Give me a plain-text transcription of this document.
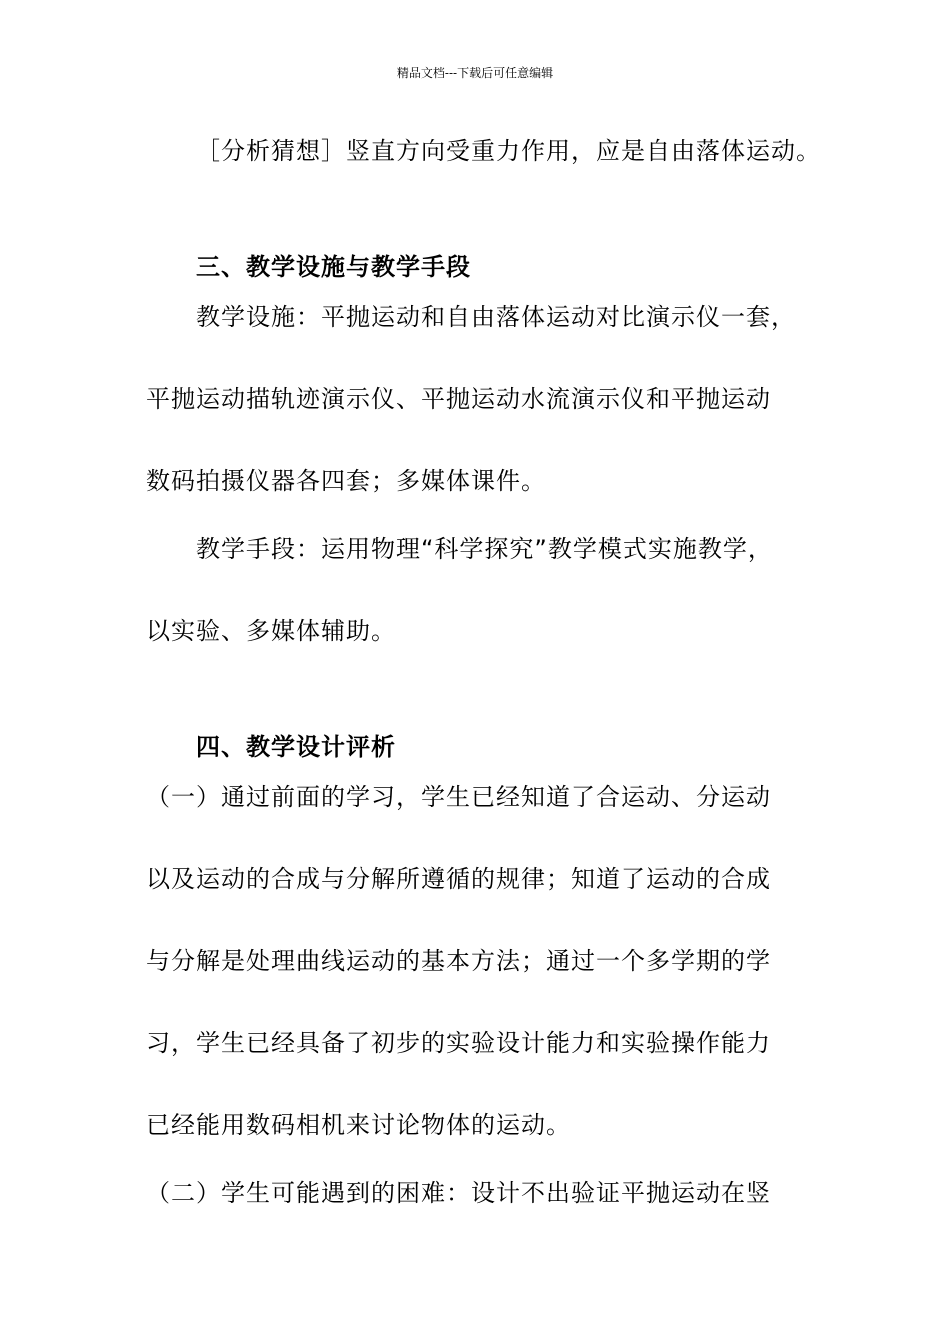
精品文档---下载后可任意编辑
［分析猜想］竖直方向受重力作用，应是自由落体运动。
三、教学设施与教学手段
教学设施：平抛运动和自由落体运动对比演示仪一套，
平抛运动描轨迹演示仪、平抛运动水流演示仪和平抛运动
数码拍摄仪器各四套；多媒体课件。
教学手段：运用物理“科学探究”教学模式实施教学，
以实验、多媒体辅助。
四、教学设计评析
（一）通过前面的学习，学生已经知道了合运动、分运动
以及运动的合成与分解所遵循的规律；知道了运动的合成
与分解是处理曲线运动的基本方法；通过一个多学期的学
习，学生已经具备了初步的实验设计能力和实验操作能力
已经能用数码相机来讨论物体的运动。
（二）学生可能遇到的困难：设计不出验证平抛运动在竖
